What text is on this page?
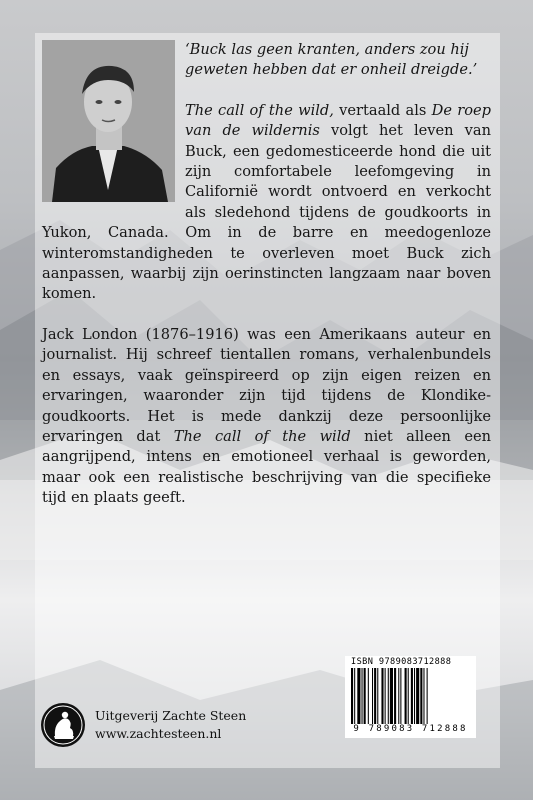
‘Buck las geen kranten, anders zou hij geweten hebben dat er onheil dreigde.’

The call of the wild, vertaald als De roep van de wildernis volgt het leven van Buck, een gedomesticeerde hond die uit zijn comfortabele leefomgeving in Californië wordt ontvoerd en verkocht als sledehond tijdens de goudkoorts in Yukon, Canada. Om in de barre en meedogenloze winteromstandigheden te overleven moet Buck zich aanpassen, waarbij zijn oerinstincten langzaam naar boven komen.

Jack London (1876–1916) was een Amerikaans auteur en journalist. Hij schreef tientallen romans, verhalenbundels en essays, vaak geïnspireerd op zijn eigen reizen en ervaringen, waaronder zijn tijd tijdens de Klondike-goudkoorts. Het is mede dankzij deze persoonlijke ervaringen dat The call of the wild niet alleen een aangrijpend, intens en emotioneel verhaal is geworden, maar ook een realistische beschrijving van die specifieke tijd en plaats geeft.

ISBN 9789083712888
9 789083 712888
Uitgeverij Zachte Steen
www.zachtesteen.nl
